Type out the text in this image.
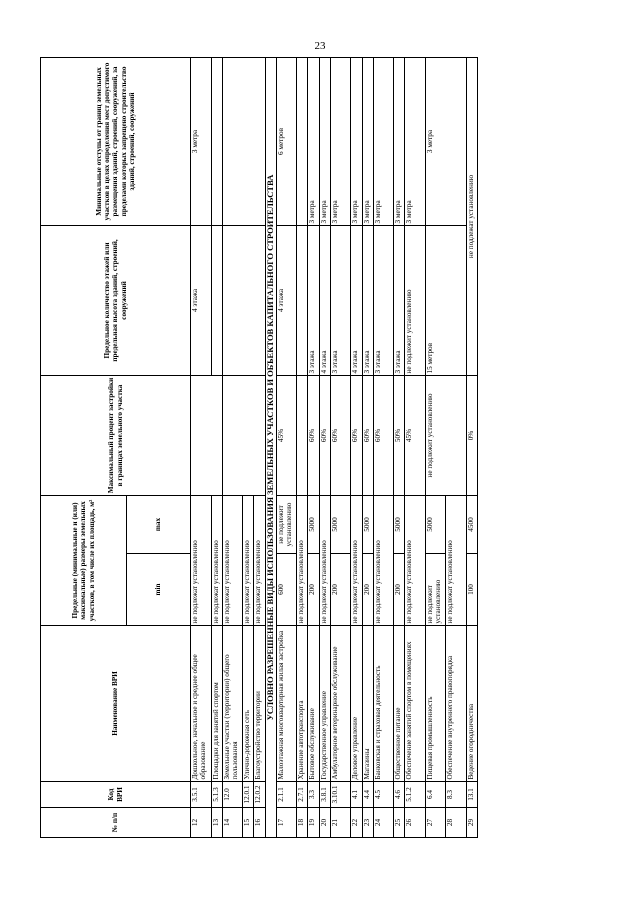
23
№ п/п	Код ВРИ	Наименование ВРИ	Предельные (минимальные и (или) максимальные) размеры земельных участков, в том числе их площадь, м²		Максимальный процент застройки в границах земельного участка	Предельное количество этажей или предельная высота зданий, строений, сооружений	Минимальные отступы от границ земельных участков в целях определения мест допустимого размещения зданий, строений, сооружений, за пределами которых запрещено строительство зданий, строений, сооружений
			min	max			
12	3.5.1	Дошкольное, начальное и среднее общее образование	не подлежат установлению			4 этажа	3 метра
13	5.1.3	Площадки для занятий спортом	не подлежат установлению				
14	12.0	Земельные участки (территории) общего пользования	не подлежат установлению				
15	12.0.1	Улично-дорожная сеть	не подлежат установлению				
16	12.0.2	Благоустройство территории	не подлежат установлению				
УСЛОВНО РАЗРЕШЕННЫЕ ВИДЫ ИСПОЛЬЗОВАНИЯ ЗЕМЕЛЬНЫХ УЧАСТКОВ И ОБЪЕКТОВ КАПИТАЛЬНОГО СТРОИТЕЛЬСТВА							
17	2.1.1	Малоэтажная многоквартирная жилая застройка	600	не подлежит установлению	45%	4 этажа	6 метров
18	2.7.1	Хранение автотранспорта	не подлежат установлению				
19	3.3	Бытовое обслуживание	200	5000	60%	3 этажа	3 метра
20	3.8.1	Государственное управление	не подлежат установлению		60%	4 этажа	3 метра
21	3.10.1	Амбулаторное ветеринарное обслуживание	200	5000	60%	3 этажа	3 метра
22	4.1	Деловое управление	не подлежат установлению		60%	4 этажа	3 метра
23	4.4	Магазины	200	5000	60%	3 этажа	3 метра
24	4.5	Банковская и страховая деятельность	не подлежат установлению		60%	3 этажа	3 метра
25	4.6	Общественное питание	200	5000	50%	3 этажа	3 метра
26	5.1.2	Обеспечение занятий спортом в помещениях	не подлежат установлению		45%	не подлежит установлению	3 метра
27	6.4	Пищевая промышленность	не подлежит установлению	5000	не подлежит установлению	15 метров	3 метра
28	8.3	Обеспечение внутреннего правопорядка	не подлежат установлению				
29	13.1	Ведение огородничества	100	4500	0%	не подлежат установлению	
